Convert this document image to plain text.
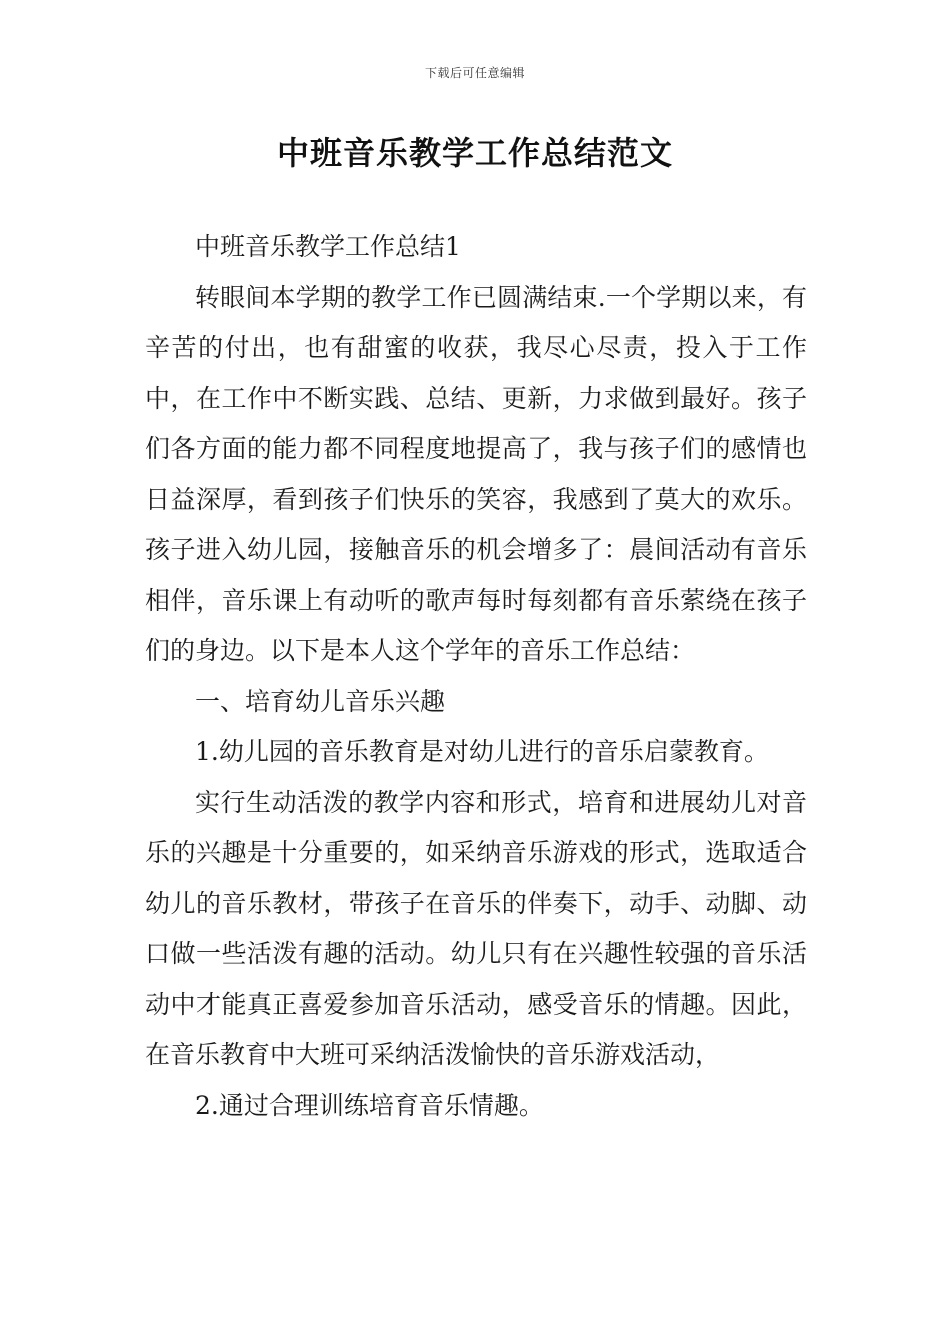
下载后可任意编辑
中班音乐教学工作总结范文

中班音乐教学工作总结1

转眼间本学期的教学工作已圆满结束.一个学期以来，有辛苦的付出，也有甜蜜的收获，我尽心尽责，投入于工作中，在工作中不断实践、总结、更新，力求做到最好。孩子们各方面的能力都不同程度地提高了，我与孩子们的感情也日益深厚，看到孩子们快乐的笑容，我感到了莫大的欢乐。孩子进入幼儿园，接触音乐的机会增多了：晨间活动有音乐相伴，音乐课上有动听的歌声每时每刻都有音乐萦绕在孩子们的身边。以下是本人这个学年的音乐工作总结：

一、培育幼儿音乐兴趣

1.幼儿园的音乐教育是对幼儿进行的音乐启蒙教育。

实行生动活泼的教学内容和形式，培育和进展幼儿对音乐的兴趣是十分重要的，如采纳音乐游戏的形式，选取适合幼儿的音乐教材，带孩子在音乐的伴奏下，动手、动脚、动口做一些活泼有趣的活动。幼儿只有在兴趣性较强的音乐活动中才能真正喜爱参加音乐活动，感受音乐的情趣。因此，在音乐教育中大班可采纳活泼愉快的音乐游戏活动，

2.通过合理训练培育音乐情趣。
